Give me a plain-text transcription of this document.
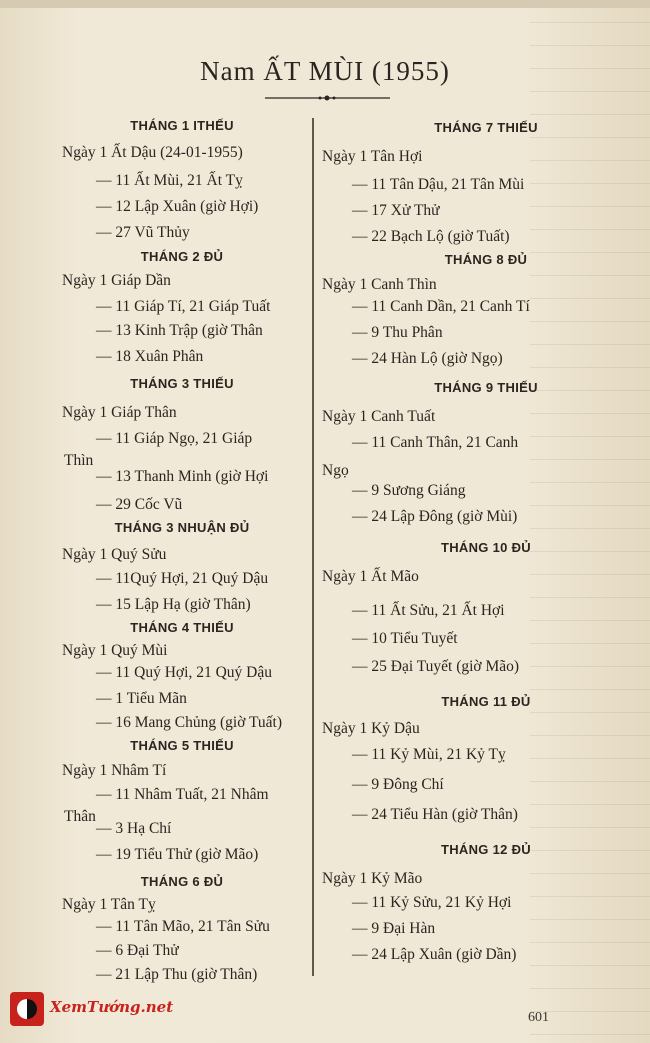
Nam ẤT MÙI (1955)
THÁNG 1 ITHẾU
Ngày 1 Ất Dậu (24-01-1955)
— 11 Ất Mùi, 21 Ất Tỵ
— 12 Lập Xuân (giờ Hợi)
— 27 Vũ Thủy
THÁNG 2 ĐỦ
Ngày 1 Giáp Dần
— 11 Giáp Tí, 21 Giáp Tuất
— 13 Kinh Trập (giờ Thân
— 18 Xuân Phân
THÁNG 3 THIẾU
Ngày 1 Giáp Thân
— 11 Giáp Ngọ, 21 Giáp
Thìn
— 13 Thanh Minh (giờ Hợi
— 29 Cốc Vũ
THÁNG 3 NHUẬN ĐỦ
Ngày 1 Quý Sửu
— 11Quý Hợi, 21 Quý Dậu
— 15 Lập Hạ (giờ Thân)
THÁNG 4 THIẾU
Ngày 1 Quý Mùi
— 11 Quý Hợi, 21 Quý Dậu
— 1 Tiểu Mãn
— 16 Mang Chủng (giờ Tuất)
THÁNG 5 THIẾU
Ngày 1 Nhâm Tí
— 11 Nhâm Tuất, 21 Nhâm
Thân
— 3 Hạ Chí
— 19 Tiểu Thử (giờ Mão)
THÁNG 6 ĐỦ
Ngày 1 Tân Tỵ
— 11 Tân Mão, 21 Tân Sửu
— 6 Đại Thử
— 21 Lập Thu (giờ Thân)
THÁNG 7 THIẾU
Ngày 1 Tân Hợi
— 11 Tân Dậu, 21 Tân Mùi
— 17 Xử Thử
— 22 Bạch Lộ (giờ Tuất)
THÁNG 8 ĐỦ
Ngày 1 Canh Thìn
— 11 Canh Dần, 21 Canh Tí
— 9 Thu Phân
— 24 Hàn Lộ (giờ Ngọ)
THÁNG 9 THIẾU
Ngày 1 Canh Tuất
— 11 Canh Thân, 21 Canh
Ngọ
— 9 Sương Giáng
— 24 Lập Đông (giờ Mùi)
THÁNG 10 ĐỦ
Ngày 1 Ất Mão
— 11 Ất Sửu, 21 Ất Hợi
— 10 Tiểu Tuyết
— 25 Đại Tuyết (giờ Mão)
THÁNG 11 ĐỦ
Ngày 1 Kỷ Dậu
— 11 Kỷ Mùi, 21 Kỷ Tỵ
— 9 Đông Chí
— 24 Tiểu Hàn (giờ Thân)
THÁNG 12 ĐỦ
Ngày 1 Kỷ Mão
— 11 Kỷ Sửu, 21 Kỷ Hợi
— 9 Đại Hàn
— 24 Lập Xuân (giờ Dần)
XemTướng.net
601
